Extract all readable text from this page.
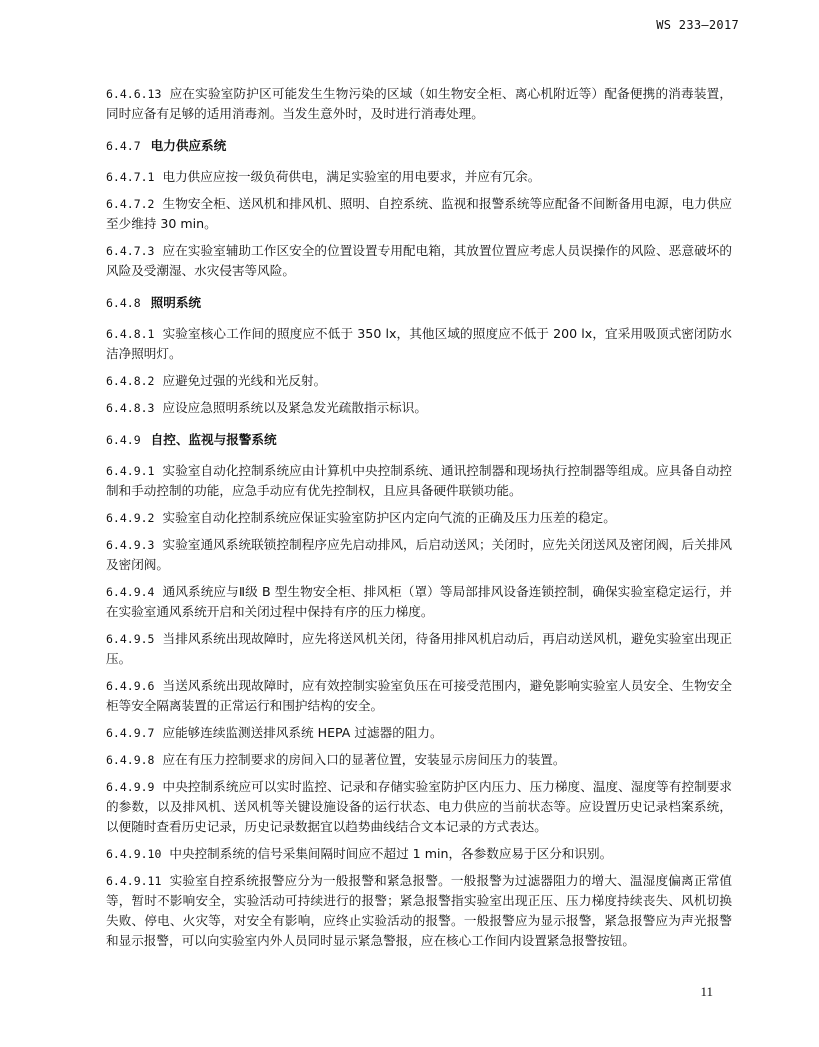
WS 233—2017

6.4.6.13 应在实验室防护区可能发生生物污染的区域（如生物安全柜、离心机附近等）配备便携的消毒装置，同时应备有足够的适用消毒剂。当发生意外时，及时进行消毒处理。

6.4.7 电力供应系统

6.4.7.1 电力供应应按一级负荷供电，满足实验室的用电要求，并应有冗余。

6.4.7.2 生物安全柜、送风机和排风机、照明、自控系统、监视和报警系统等应配备不间断备用电源，电力供应至少维持 30 min。

6.4.7.3 应在实验室辅助工作区安全的位置设置专用配电箱，其放置位置应考虑人员误操作的风险、恶意破坏的风险及受潮湿、水灾侵害等风险。

6.4.8 照明系统

6.4.8.1 实验室核心工作间的照度应不低于 350 lx，其他区域的照度应不低于 200 lx，宜采用吸顶式密闭防水洁净照明灯。

6.4.8.2 应避免过强的光线和光反射。

6.4.8.3 应设应急照明系统以及紧急发光疏散指示标识。

6.4.9 自控、监视与报警系统

6.4.9.1 实验室自动化控制系统应由计算机中央控制系统、通讯控制器和现场执行控制器等组成。应具备自动控制和手动控制的功能，应急手动应有优先控制权，且应具备硬件联锁功能。

6.4.9.2 实验室自动化控制系统应保证实验室防护区内定向气流的正确及压力压差的稳定。

6.4.9.3 实验室通风系统联锁控制程序应先启动排风，后启动送风；关闭时，应先关闭送风及密闭阀，后关排风及密闭阀。

6.4.9.4 通风系统应与Ⅱ级 B 型生物安全柜、排风柜（罩）等局部排风设备连锁控制，确保实验室稳定运行，并在实验室通风系统开启和关闭过程中保持有序的压力梯度。

6.4.9.5 当排风系统出现故障时，应先将送风机关闭，待备用排风机启动后，再启动送风机，避免实验室出现正压。

6.4.9.6 当送风系统出现故障时，应有效控制实验室负压在可接受范围内，避免影响实验室人员安全、生物安全柜等安全隔离装置的正常运行和围护结构的安全。

6.4.9.7 应能够连续监测送排风系统 HEPA 过滤器的阻力。

6.4.9.8 应在有压力控制要求的房间入口的显著位置，安装显示房间压力的装置。

6.4.9.9 中央控制系统应可以实时监控、记录和存储实验室防护区内压力、压力梯度、温度、湿度等有控制要求的参数，以及排风机、送风机等关键设施设备的运行状态、电力供应的当前状态等。应设置历史记录档案系统，以便随时查看历史记录，历史记录数据宜以趋势曲线结合文本记录的方式表达。

6.4.9.10 中央控制系统的信号采集间隔时间应不超过 1 min，各参数应易于区分和识别。

6.4.9.11 实验室自控系统报警应分为一般报警和紧急报警。一般报警为过滤器阻力的增大、温湿度偏离正常值等，暂时不影响安全，实验活动可持续进行的报警；紧急报警指实验室出现正压、压力梯度持续丧失、风机切换失败、停电、火灾等，对安全有影响，应终止实验活动的报警。一般报警应为显示报警，紧急报警应为声光报警和显示报警，可以向实验室内外人员同时显示紧急警报，应在核心工作间内设置紧急报警按钮。

11
